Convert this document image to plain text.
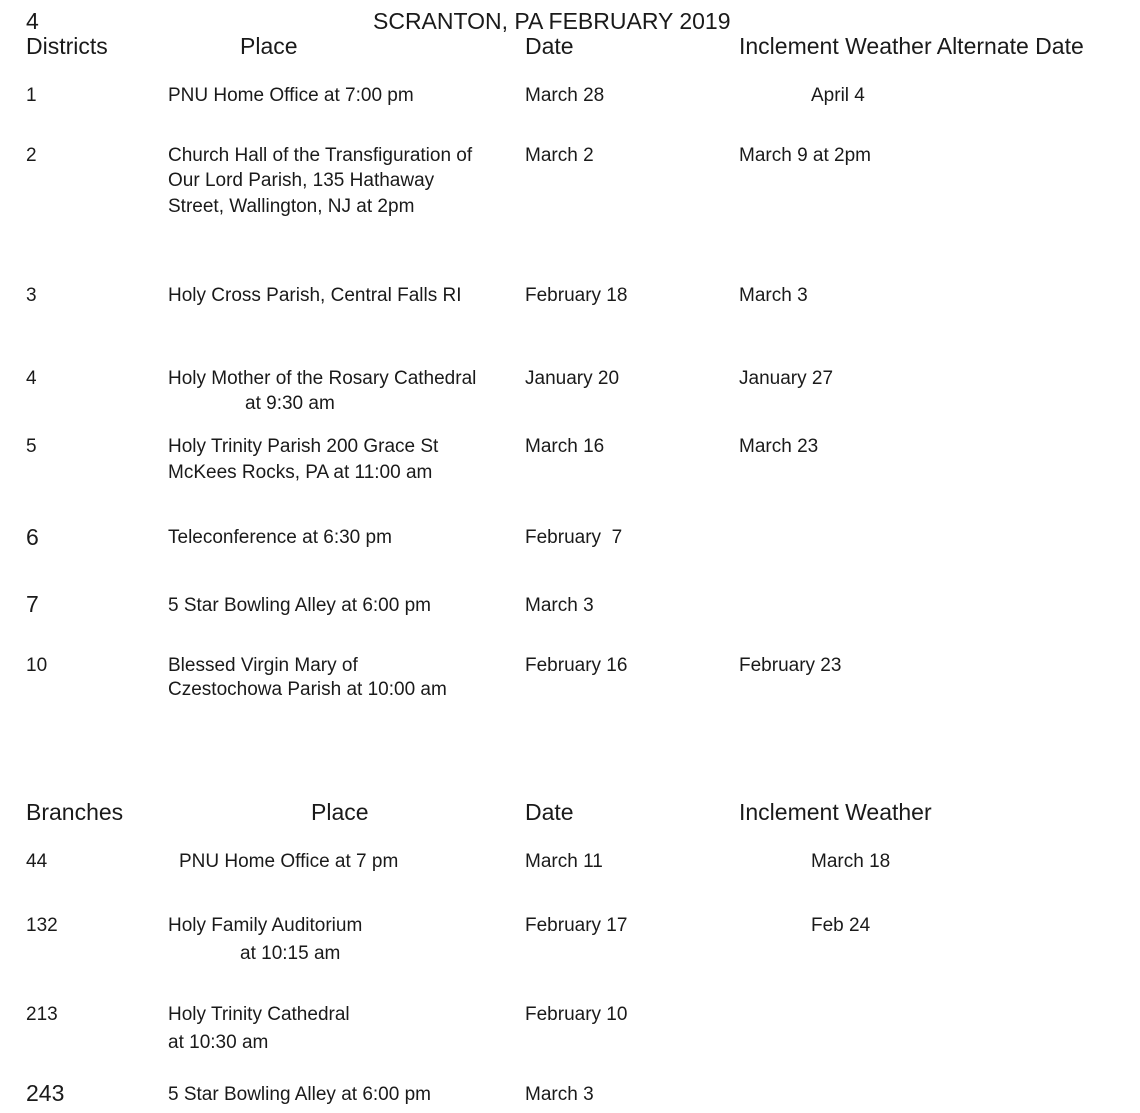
4	SCRANTON, PA FEBRUARY 2019
Districts	Place	Date	Inclement Weather Alternate Date
1	PNU Home Office at 7:00 pm	March 28	April 4
2	Church Hall of the Transfiguration of
Our Lord Parish, 135 Hathaway
Street, Wallington, NJ at 2pm
March 2	March 9 at 2pm
3	Holy Cross Parish, Central Falls RI	February 18	March 3
4	Holy Mother of the Rosary Cathedral
at 9:30 am
January 20	January 27
5	Holy Trinity Parish 200 Grace St
McKees Rocks, PA at 11:00 am
March 16	March 23
6	Teleconference at 6:30 pm	February  7
7	5 Star Bowling Alley at 6:00 pm	March 3
10	Blessed Virgin Mary of
Czestochowa Parish at 10:00 am
February 16	February 23
Branches	Place	Date	Inclement Weather
44	PNU Home Office at 7 pm	March 11	March 18
132	Holy Family Auditorium
at 10:15 am
February 17	Feb 24
213	Holy Trinity Cathedral
at 10:30 am
February 10
243	5 Star Bowling Alley at 6:00 pm	March 3
